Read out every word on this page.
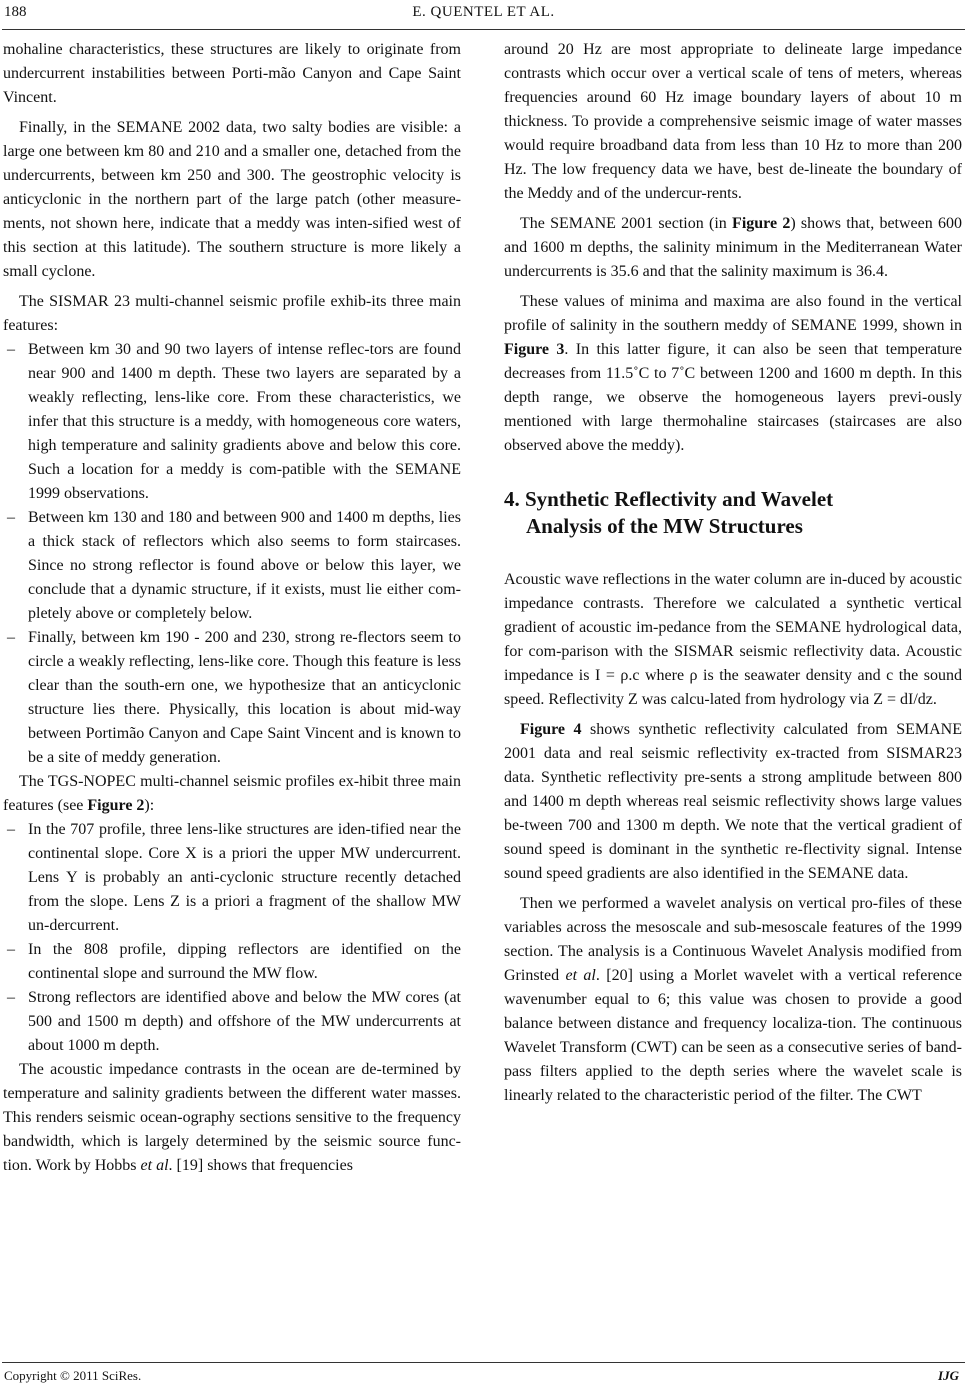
188	E. QUENTEL ET AL.

mohaline characteristics, these structures are likely to originate from undercurrent instabilities between Porti-mão Canyon and Cape Saint Vincent.

Finally, in the SEMANE 2002 data, two salty bodies are visible: a large one between km 80 and 210 and a smaller one, detached from the undercurrents, between km 250 and 300. The geostrophic velocity is anticyclonic in the northern part of the large patch (other measure-ments, not shown here, indicate that a meddy was inten-sified west of this section at this latitude). The southern structure is more likely a small cyclone.

The SISMAR 23 multi-channel seismic profile exhib-its three main features:

– Between km 30 and 90 two layers of intense reflec-tors are found near 900 and 1400 m depth. These two layers are separated by a weakly reflecting, lens-like core. From these characteristics, we infer that this structure is a meddy, with homogeneous core waters, high temperature and salinity gradients above and below this core. Such a location for a meddy is com-patible with the SEMANE 1999 observations.
– Between km 130 and 180 and between 900 and 1400 m depths, lies a thick stack of reflectors which also seems to form staircases. Since no strong reflector is found above or below this layer, we conclude that a dynamic structure, if it exists, must lie either com-pletely above or completely below.
– Finally, between km 190 - 200 and 230, strong re-flectors seem to circle a weakly reflecting, lens-like core. Though this feature is less clear than the south-ern one, we hypothesize that an anticyclonic structure lies there. Physically, this location is about mid-way between Portimão Canyon and Cape Saint Vincent and is known to be a site of meddy generation.

The TGS-NOPEC multi-channel seismic profiles ex-hibit three main features (see Figure 2):

– In the 707 profile, three lens-like structures are iden-tified near the continental slope. Core X is a priori the upper MW undercurrent. Lens Y is probably an anti-cyclonic structure recently detached from the slope. Lens Z is a priori a fragment of the shallow MW un-dercurrent.
– In the 808 profile, dipping reflectors are identified on the continental slope and surround the MW flow.
– Strong reflectors are identified above and below the MW cores (at 500 and 1500 m depth) and offshore of the MW undercurrents at about 1000 m depth.

The acoustic impedance contrasts in the ocean are de-termined by temperature and salinity gradients between the different water masses. This renders seismic ocean-ography sections sensitive to the frequency bandwidth, which is largely determined by the seismic source func-tion. Work by Hobbs et al. [19] shows that frequencies

around 20 Hz are most appropriate to delineate large impedance contrasts which occur over a vertical scale of tens of meters, whereas frequencies around 60 Hz image boundary layers of about 10 m thickness. To provide a comprehensive seismic image of water masses would require broadband data from less than 10 Hz to more than 200 Hz. The low frequency data we have, best de-lineate the boundary of the Meddy and of the undercur-rents.

The SEMANE 2001 section (in Figure 2) shows that, between 600 and 1600 m depths, the salinity minimum in the Mediterranean Water undercurrents is 35.6 and that the salinity maximum is 36.4.

These values of minima and maxima are also found in the vertical profile of salinity in the southern meddy of SEMANE 1999, shown in Figure 3. In this latter figure, it can also be seen that temperature decreases from 11.5˚C to 7˚C between 1200 and 1600 m depth. In this depth range, we observe the homogeneous layers previ-ously mentioned with large thermohaline staircases (staircases are also observed above the meddy).

4. Synthetic Reflectivity and Wavelet
Analysis of the MW Structures

Acoustic wave reflections in the water column are in-duced by acoustic impedance contrasts. Therefore we calculated a synthetic vertical gradient of acoustic im-pedance from the SEMANE hydrological data, for com-parison with the SISMAR seismic reflectivity data. Acoustic impedance is I = ρ.c where ρ is the seawater density and c the sound speed. Reflectivity Z was calcu-lated from hydrology via Z = dI/dz.

Figure 4 shows synthetic reflectivity calculated from SEMANE 2001 data and real seismic reflectivity ex-tracted from SISMAR23 data. Synthetic reflectivity pre-sents a strong amplitude between 800 and 1400 m depth whereas real seismic reflectivity shows large values be-tween 700 and 1300 m depth. We note that the vertical gradient of sound speed is dominant in the synthetic re-flectivity signal. Intense sound speed gradients are also identified in the SEMANE data.

Then we performed a wavelet analysis on vertical pro-files of these variables across the mesoscale and sub-mesoscale features of the 1999 section. The analysis is a Continuous Wavelet Analysis modified from Grinsted et al. [20] using a Morlet wavelet with a vertical reference wavenumber equal to 6; this value was chosen to provide a good balance between distance and frequency localiza-tion. The continuous Wavelet Transform (CWT) can be seen as a consecutive series of band-pass filters applied to the depth series where the wavelet scale is linearly related to the characteristic period of the filter. The CWT

Copyright © 2011 SciRes.	IJG
